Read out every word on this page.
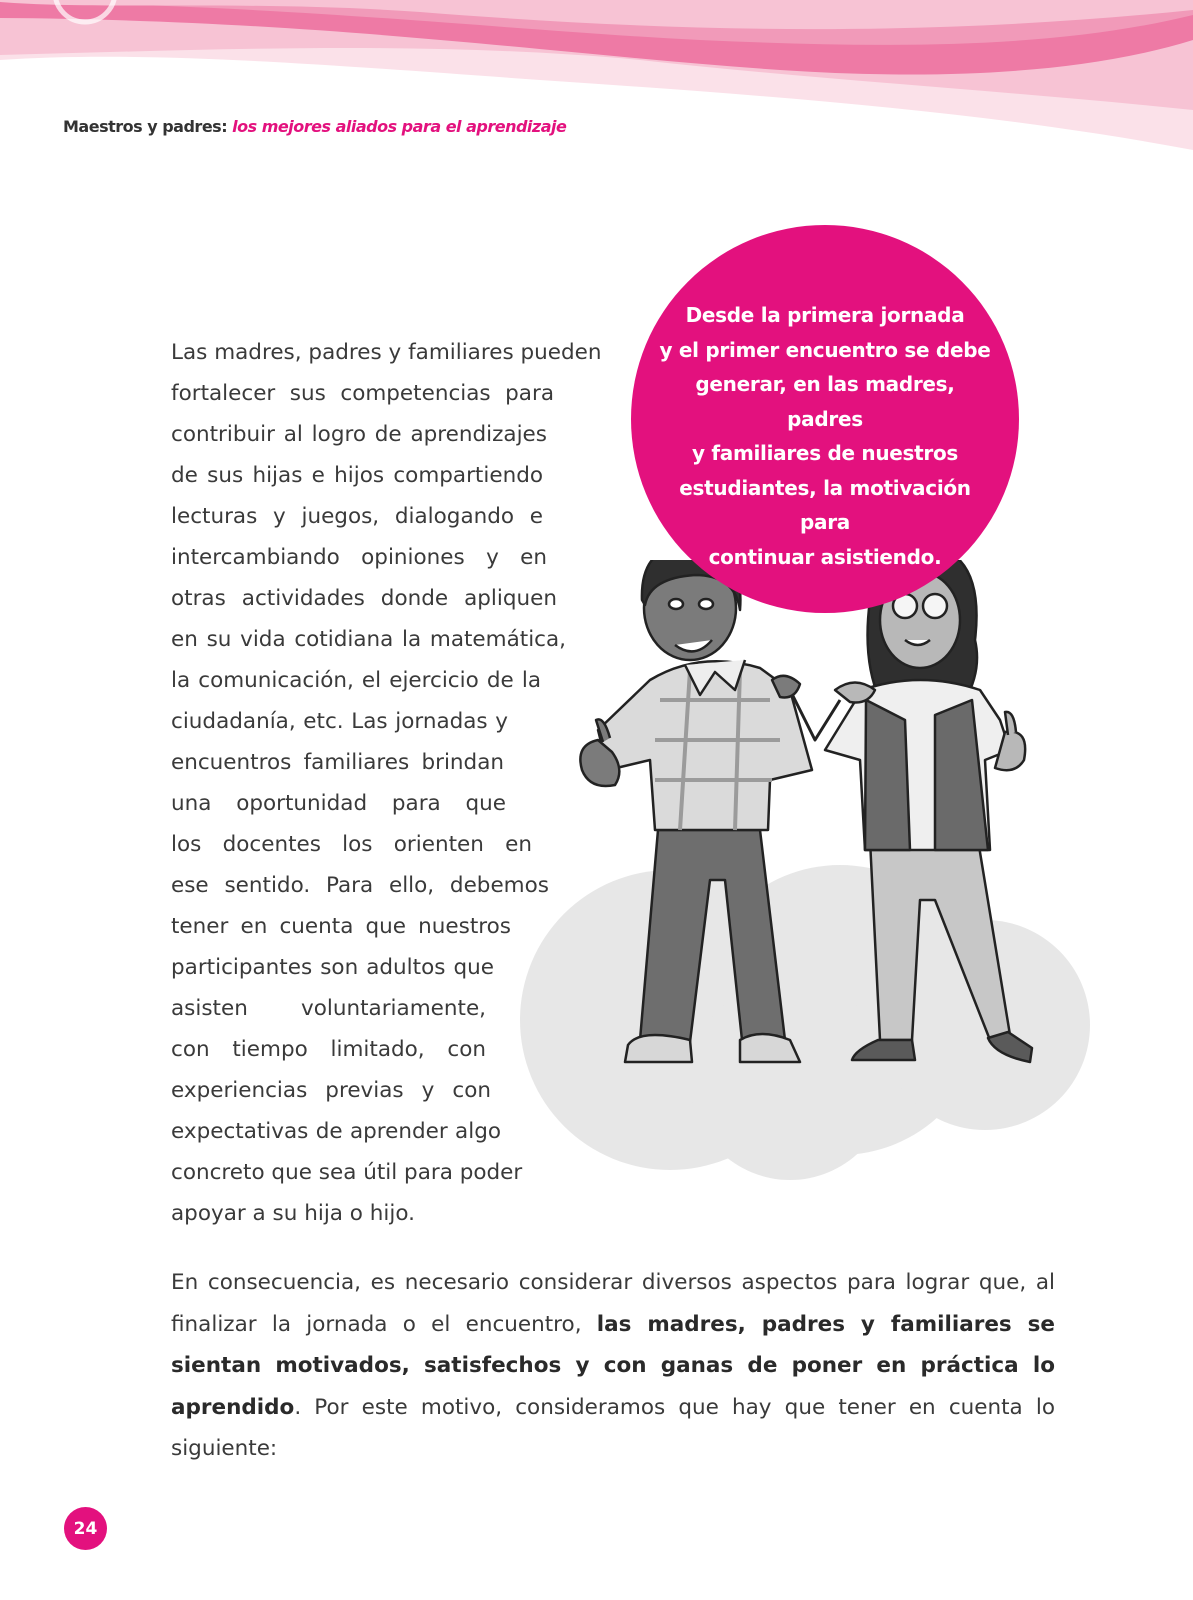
Maestros y padres: los mejores aliados para el aprendizaje

Desde la primera jornada
y el primer encuentro se debe
generar, en las madres, padres
y familiares de nuestros
estudiantes, la motivación para
continuar asistiendo.

Las madres, padres y familiares pueden
fortalecer sus competencias para
contribuir al logro de aprendizajes
de sus hijas e hijos compartiendo
lecturas y juegos, dialogando e
intercambiando opiniones y en
otras actividades donde apliquen
en su vida cotidiana la matemática,
la comunicación, el ejercicio de la
ciudadanía, etc. Las jornadas y
encuentros familiares brindan
una oportunidad para que
los docentes los orienten en
ese sentido. Para ello, debemos
tener en cuenta que nuestros
participantes son adultos que
asisten voluntariamente,
con tiempo limitado, con
experiencias previas y con
expectativas de aprender algo
concreto que sea útil para poder
apoyar a su hija o hijo.

En consecuencia, es necesario considerar diversos aspectos para lograr que, al finalizar la jornada o el encuentro, las madres, padres y familiares se sientan motivados, satisfechos y con ganas de poner en práctica lo aprendido. Por este motivo, consideramos que hay que tener en cuenta lo siguiente:

24
